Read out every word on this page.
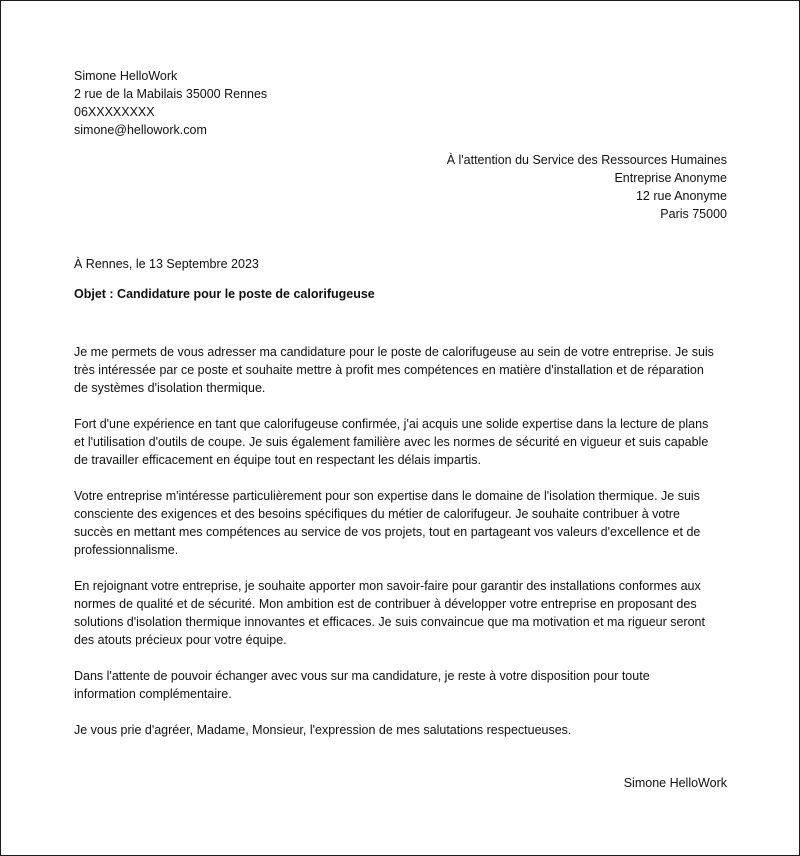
Simone HelloWork
2 rue de la Mabilais 35000 Rennes
06XXXXXXXX
simone@hellowork.com
À l'attention du Service des Ressources Humaines
Entreprise Anonyme
12 rue Anonyme
Paris 75000
À Rennes, le 13 Septembre 2023
Objet : Candidature pour le poste de calorifugeuse

Je me permets de vous adresser ma candidature pour le poste de calorifugeuse au sein de votre entreprise. Je suis
très intéressée par ce poste et souhaite mettre à profit mes compétences en matière d'installation et de réparation
de systèmes d'isolation thermique.

Fort d'une expérience en tant que calorifugeuse confirmée, j'ai acquis une solide expertise dans la lecture de plans
et l'utilisation d'outils de coupe. Je suis également familière avec les normes de sécurité en vigueur et suis capable
de travailler efficacement en équipe tout en respectant les délais impartis.

Votre entreprise m'intéresse particulièrement pour son expertise dans le domaine de l'isolation thermique. Je suis
consciente des exigences et des besoins spécifiques du métier de calorifugeur. Je souhaite contribuer à votre
succès en mettant mes compétences au service de vos projets, tout en partageant vos valeurs d'excellence et de
professionnalisme.

En rejoignant votre entreprise, je souhaite apporter mon savoir-faire pour garantir des installations conformes aux
normes de qualité et de sécurité. Mon ambition est de contribuer à développer votre entreprise en proposant des
solutions d'isolation thermique innovantes et efficaces. Je suis convaincue que ma motivation et ma rigueur seront
des atouts précieux pour votre équipe.

Dans l'attente de pouvoir échanger avec vous sur ma candidature, je reste à votre disposition pour toute
information complémentaire.

Je vous prie d'agréer, Madame, Monsieur, l'expression de mes salutations respectueuses.

Simone HelloWork
